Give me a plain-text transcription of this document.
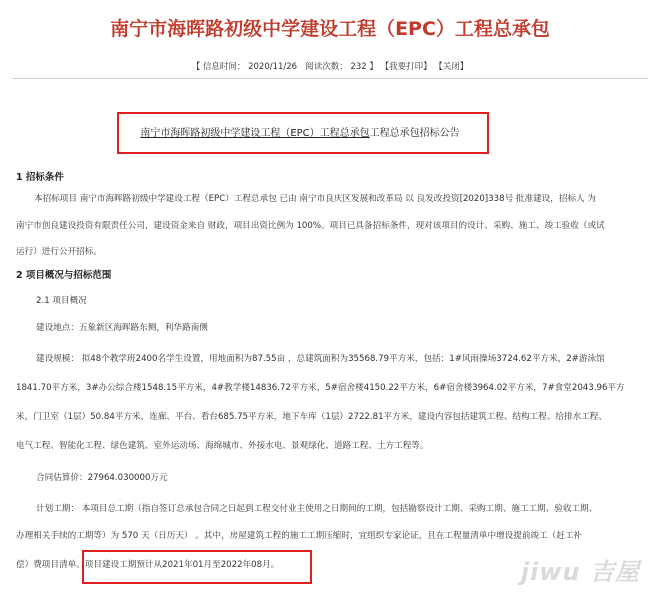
南宁市海晖路初级中学建设工程（EPC）工程总承包
【 信息时间： 2020/11/26 阅读次数： 232 】 【我要打印】 【关闭】
南宁市海晖路初级中学建设工程（EPC）工程总承包工程总承包招标公告
1 招标条件
本招标项目 南宁市海晖路初级中学建设工程（EPC）工程总承包 已由 南宁市良庆区发展和改革局 以 良发改投资[2020]338号 批准建设，招标人 为
南宁市创良建设投资有限责任公司，建设资金来自 财政，项目出资比例为 100%。项目已具备招标条件，现对该项目的设计、采购、施工、竣工验收（或试
运行）进行公开招标。
2 项目概况与招标范围
2.1 项目概况
建设地点：五象新区海晖路东侧，利华路南侧
建设规模： 拟48个教学班2400名学生设置，用地面积为87.55亩 ，总建筑面积为35568.79平方米，包括：1#风雨操场3724.62平方米，2#游泳馆
1841.70平方米，3#办公综合楼1548.15平方米，4#教学楼14836.72平方米，5#宿舍楼4150.22平方米，6#宿舍楼3964.02平方米，7#食堂2043.96平方
米，门卫室（1层）50.84平方米，连廊、平台、看台685.75平方米，地下车库（1层）2722.81平方米，建设内容包括建筑工程、结构工程、给排水工程、
电气工程、智能化工程、绿色建筑、室外运动场、海绵城市、外接水电、景观绿化、道路工程、土方工程等。
合同估算价：27964.030000万元
计划工期： 本项目总工期（指自签订总承包合同之日起到工程交付业主使用之日期间的工期，包括勘察设计工期、采购工期、施工工期、验收工期、
办理相关手续的工期等）为 570 天（日历天） 。其中，房屋建筑工程的施工工期压缩时，宜组织专家论证，且在工程量清单中增设提前竣工（赶工补
偿）费项目清单。项目建设工期预计从2021年01月至2022年08月。	jiwu 吉屋
